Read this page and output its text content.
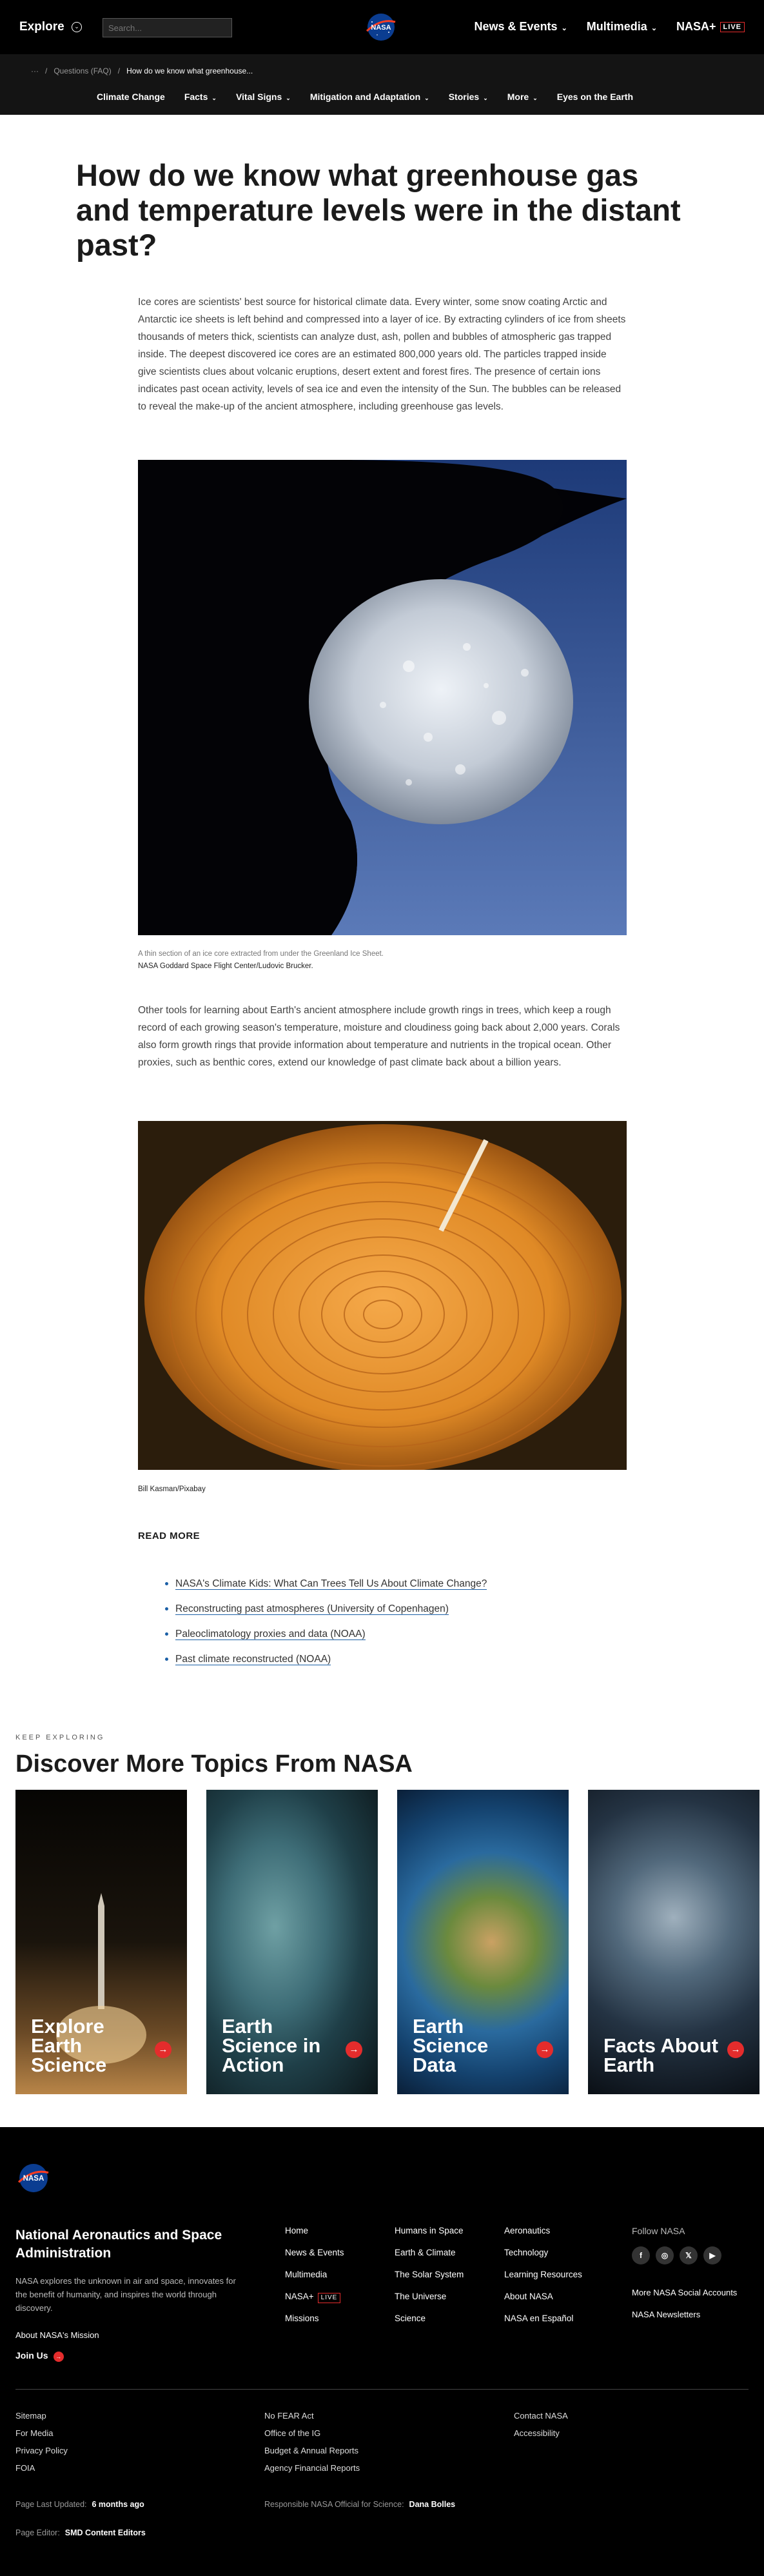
Explore	⌄
Search...	NASA	News & Events ⌄ Multimedia ⌄ NASA+ LIVE
··· / Questions (FAQ) / How do we know what greenhouse...
Climate Change Facts ⌄ Vital Signs ⌄ Mitigation and Adaptation ⌄ Stories ⌄ More ⌄ Eyes on the Earth
How do we know what greenhouse gas and temperature levels were in the distant past?

Ice cores are scientists' best source for historical climate data. Every winter, some snow coating Arctic and Antarctic ice sheets is left behind and compressed into a layer of ice. By extracting cylinders of ice from sheets thousands of meters thick, scientists can analyze dust, ash, pollen and bubbles of atmospheric gas trapped inside. The deepest discovered ice cores are an estimated 800,000 years old. The particles trapped inside give scientists clues about volcanic eruptions, desert extent and forest fires. The presence of certain ions indicates past ocean activity, levels of sea ice and even the intensity of the Sun. The bubbles can be released to reveal the make-up of the ancient atmosphere, including greenhouse gas levels.

A thin section of an ice core extracted from under the Greenland Ice Sheet.
NASA Goddard Space Flight Center/Ludovic Brucker.

Other tools for learning about Earth's ancient atmosphere include growth rings in trees, which keep a rough record of each growing season's temperature, moisture and cloudiness going back about 2,000 years. Corals also form growth rings that provide information about temperature and nutrients in the tropical ocean. Other proxies, such as benthic cores, extend our knowledge of past climate back about a billion years.

Bill Kasman/Pixabay
READ MORE
NASA's Climate Kids: What Can Trees Tell Us About Climate Change?
Reconstructing past atmospheres (University of Copenhagen)
Paleoclimatology proxies and data (NOAA)
Past climate reconstructed (NOAA)
KEEP EXPLORING
Discover More Topics From NASA
Explore Earth Science
→
Earth Science in Action
→
Earth Science Data
→	Facts About Earth
→
NASA
National Aeronautics and Space Administration
NASA explores the unknown in air and space, innovates for the benefit of humanity, and inspires the world through discovery.
About NASA's Mission
Join Us →
Home
News & Events
Multimedia
NASA+ LIVE
Missions
Humans in Space
Earth & Climate
The Solar System
The Universe
Science
Aeronautics
Technology
Learning Resources
About NASA
NASA en Español
Follow NASA
f	◎	𝕏	▶
More NASA Social Accounts
NASA Newsletters
Sitemap
For Media
Privacy Policy
FOIA
No FEAR Act
Office of the IG
Budget & Annual Reports
Agency Financial Reports
Contact NASA
Accessibility
Page Last Updated: 6 months ago	Responsible NASA Official for Science: Dana Bolles
Page Editor: SMD Content Editors
